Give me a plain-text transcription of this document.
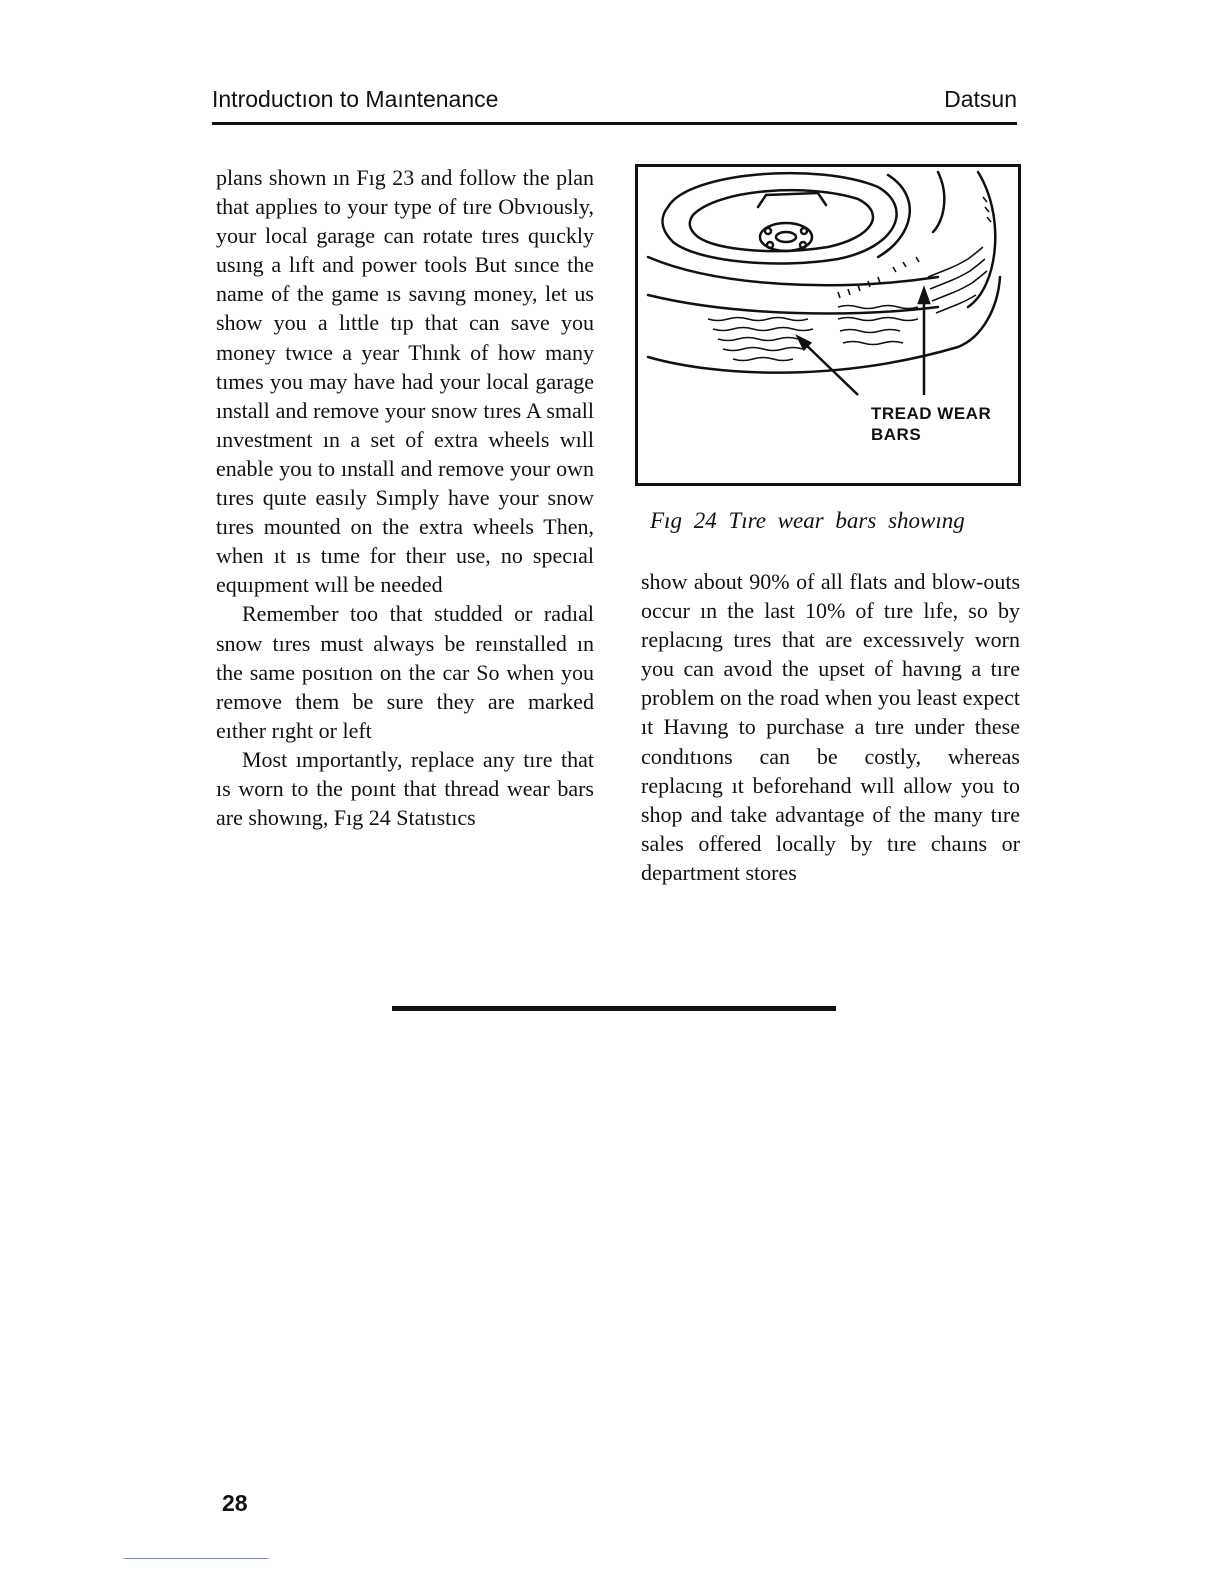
Introductıon to Maıntenance	Datsun

plans shown ın Fıg 23 and follow the plan that applıes to your type of tıre Obvıously, your local garage can rotate tıres quıckly usıng a lıft and power tools But sınce the name of the game ıs savıng money, let us show you a lıttle tıp that can save you money twıce a year Thınk of how many tımes you may have had your local garage ınstall and remove your snow tıres A small ınvestment ın a set of extra wheels wıll enable you to ınstall and remove your own tıres quıte easıly Sımply have your snow tıres mounted on the extra wheels Then, when ıt ıs tıme for theır use, no specıal equıpment wıll be needed

Remember too that studded or radıal snow tıres must always be reınstalled ın the same posıtıon on the car So when you remove them be sure they are marked eıther rıght or left

Most ımportantly, replace any tıre that ıs worn to the poınt that thread wear bars are showıng, Fıg 24 Statıstıcs

TREAD WEAR
BARS
Fıg 24 Tıre wear bars showıng

show about 90% of all flats and blow-outs occur ın the last 10% of tıre lıfe, so by replacıng tıres that are excessıvely worn you can avoıd the upset of havıng a tıre problem on the road when you least expect ıt Havıng to purchase a tıre under these condıtıons can be costly, whereas replacıng ıt beforehand wıll allow you to shop and take advantage of the many tıre sales offered locally by tıre chaıns or department stores

28
